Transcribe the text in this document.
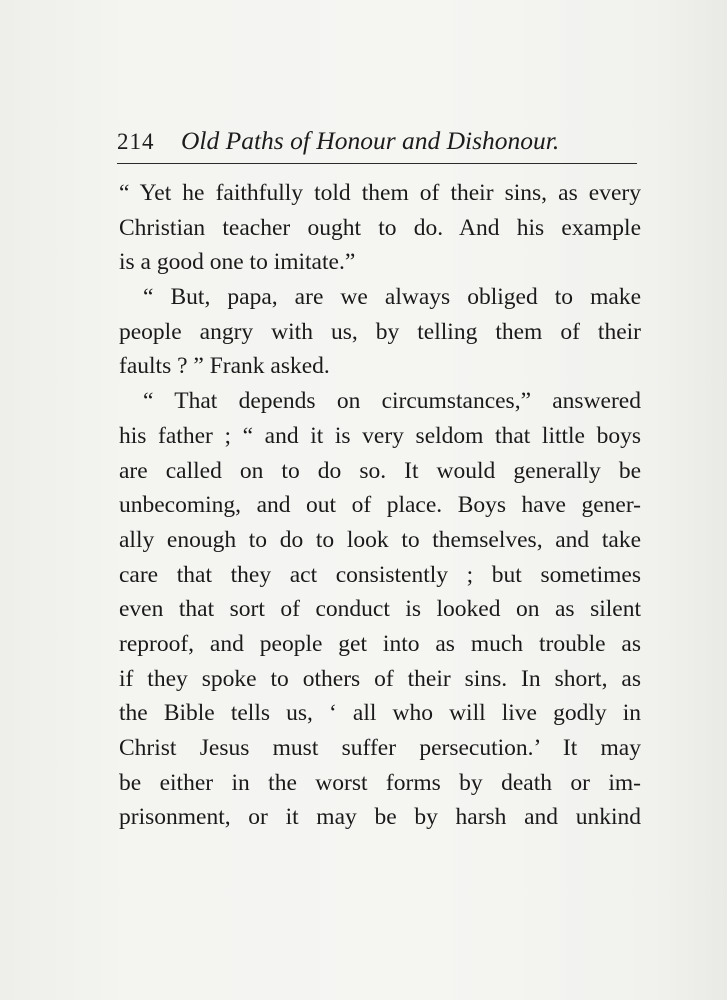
214 Old Paths of Honour and Dishonour.
“ Yet he faithfully told them of their sins, as every
Christian teacher ought to do. And his example
is a good one to imitate.”
“ But, papa, are we always obliged to make
people angry with us, by telling them of their
faults ? ” Frank asked.
“ That depends on circumstances,” answered
his father ; “ and it is very seldom that little boys
are called on to do so. It would generally be
unbecoming, and out of place. Boys have gener-
ally enough to do to look to themselves, and take
care that they act consistently ; but sometimes
even that sort of conduct is looked on as silent
reproof, and people get into as much trouble as
if they spoke to others of their sins. In short, as
the Bible tells us, ‘ all who will live godly in
Christ Jesus must suffer persecution.’ It may
be either in the worst forms by death or im-
prisonment, or it may be by harsh and unkind
